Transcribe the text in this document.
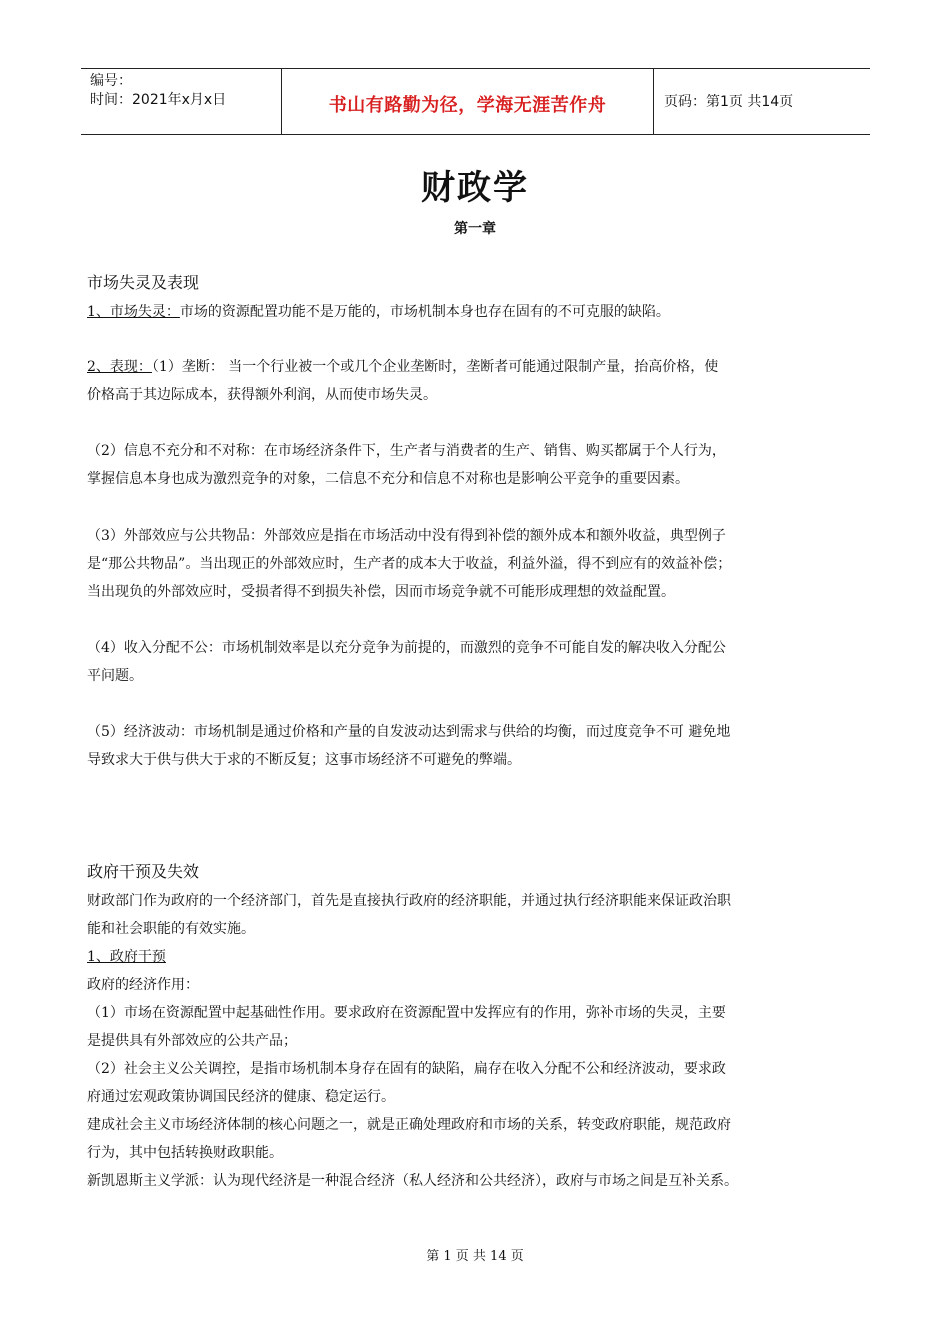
编号：
时间：2021年x月x日	书山有路勤为径，学海无涯苦作舟	页码：第1页 共14页
财政学
第一章
市场失灵及表现
1、市场失灵：市场的资源配置功能不是万能的，市场机制本身也存在固有的不可克服的缺陷。
2、表现：（1）垄断： 当一个行业被一个或几个企业垄断时，垄断者可能通过限制产量，抬高价格，使
价格高于其边际成本，获得额外利润，从而使市场失灵。
（2）信息不充分和不对称：在市场经济条件下，生产者与消费者的生产、销售、购买都属于个人行为，
掌握信息本身也成为激烈竞争的对象，二信息不充分和信息不对称也是影响公平竞争的重要因素。
（3）外部效应与公共物品：外部效应是指在市场活动中没有得到补偿的额外成本和额外收益，典型例子
是“那公共物品”。当出现正的外部效应时，生产者的成本大于收益，利益外溢，得不到应有的效益补偿；
当出现负的外部效应时，受损者得不到损失补偿，因而市场竞争就不可能形成理想的效益配置。
（4）收入分配不公：市场机制效率是以充分竞争为前提的，而激烈的竞争不可能自发的解决收入分配公
平问题。
（5）经济波动：市场机制是通过价格和产量的自发波动达到需求与供给的均衡，而过度竞争不可 避免地
导致求大于供与供大于求的不断反复；这事市场经济不可避免的弊端。
政府干预及失效
财政部门作为政府的一个经济部门，首先是直接执行政府的经济职能，并通过执行经济职能来保证政治职
能和社会职能的有效实施。
1、政府干预
政府的经济作用：
（1）市场在资源配置中起基础性作用。要求政府在资源配置中发挥应有的作用，弥补市场的失灵，主要
是提供具有外部效应的公共产品；
（2）社会主义公关调控，是指市场机制本身存在固有的缺陷，扁存在收入分配不公和经济波动，要求政
府通过宏观政策协调国民经济的健康、稳定运行。
建成社会主义市场经济体制的核心问题之一，就是正确处理政府和市场的关系，转变政府职能，规范政府
行为，其中包括转换财政职能。
新凯恩斯主义学派：认为现代经济是一种混合经济（私人经济和公共经济），政府与市场之间是互补关系。
第 1 页 共 14 页
